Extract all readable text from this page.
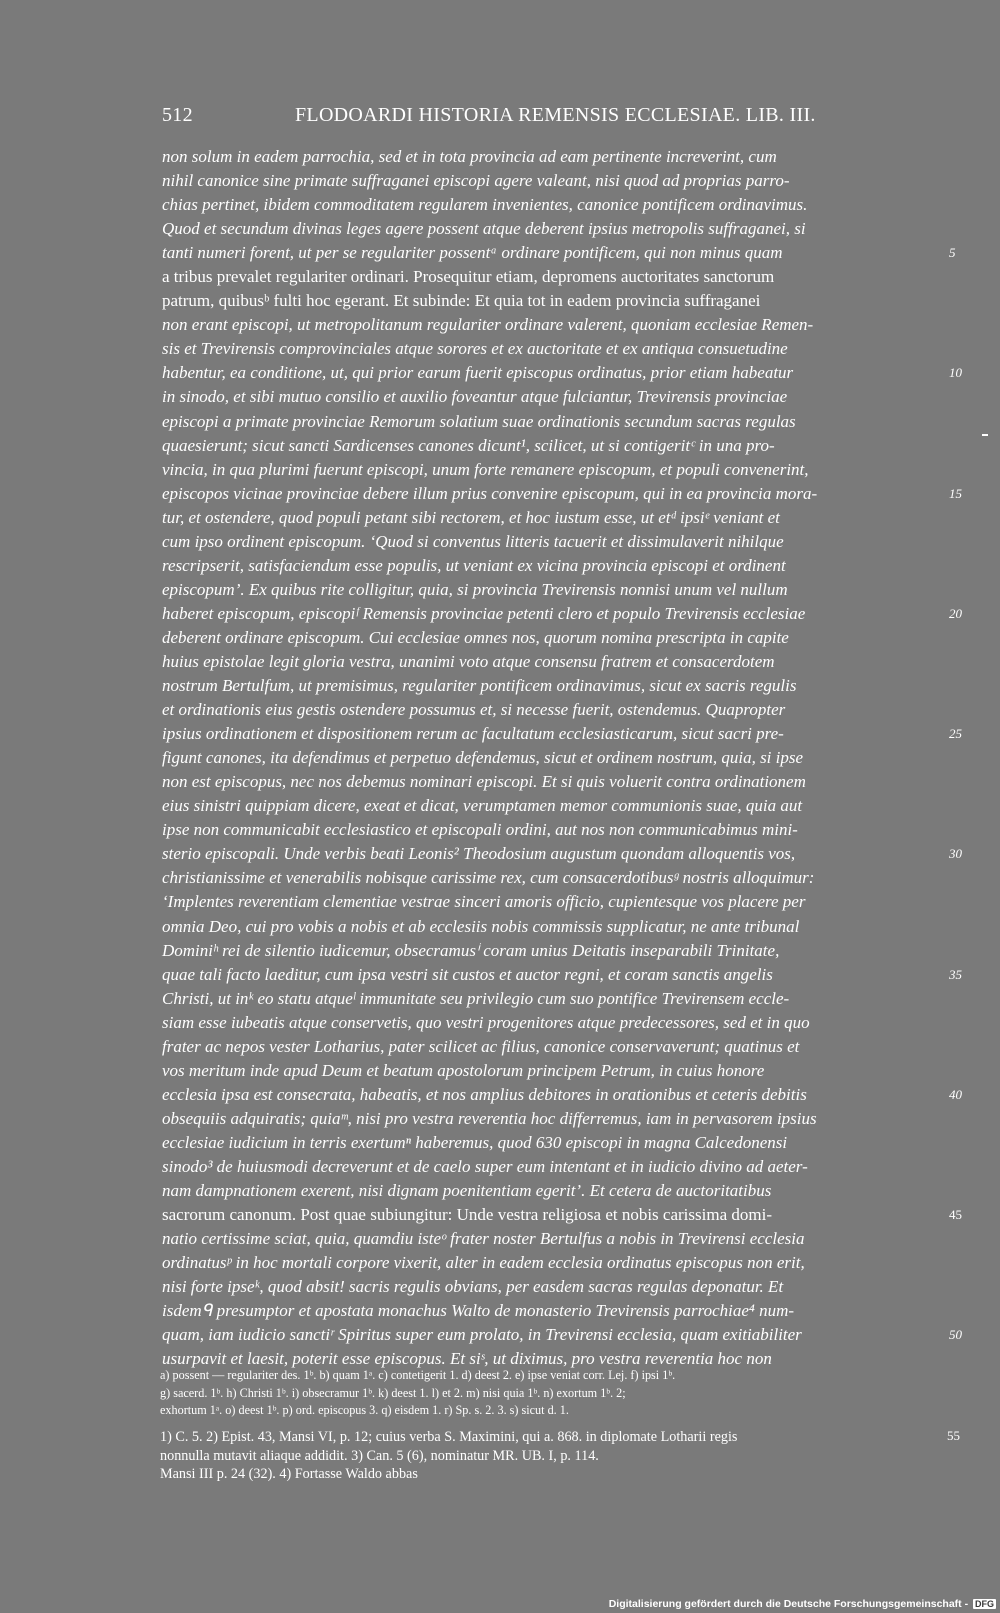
512	FLODOARDI HISTORIA REMENSIS ECCLESIAE. LIB. III.
non solum in eadem parrochia, sed et in tota provincia ad eam pertinente increverint, cum
nihil canonice sine primate suffraganei episcopi agere valeant, nisi quod ad proprias parro-
chias pertinet, ibidem commoditatem regularem invenientes, canonice pontificem ordinavimus.
Quod et secundum divinas leges agere possent atque deberent ipsius metropolis suffraganei, si
tanti numeri forent, ut per se regulariter possentᵃ ordinare pontificem, qui non minus quam	5
a tribus prevalet regulariter ordinari. Prosequitur etiam, depromens auctoritates sanctorum
patrum, quibusᵇ fulti hoc egerant. Et subinde: Et quia tot in eadem provincia suffraganei
non erant episcopi, ut metropolitanum regulariter ordinare valerent, quoniam ecclesiae Remen-
sis et Trevirensis comprovinciales atque sorores et ex auctoritate et ex antiqua consuetudine
habentur, ea conditione, ut, qui prior earum fuerit episcopus ordinatus, prior etiam habeatur	10
in sinodo, et sibi mutuo consilio et auxilio foveantur atque fulciantur, Trevirensis provinciae
episcopi a primate provinciae Remorum solatium suae ordinationis secundum sacras regulas
quaesierunt; sicut sancti Sardicenses canones dicunt¹, scilicet, ut si contigeritᶜ in una pro-
vincia, in qua plurimi fuerunt episcopi, unum forte remanere episcopum, et populi convenerint,
episcopos vicinae provinciae debere illum prius convenire episcopum, qui in ea provincia mora-	15
tur, et ostendere, quod populi petant sibi rectorem, et hoc iustum esse, ut etᵈ ipsiᵉ veniant et
cum ipso ordinent episcopum. ‘Quod si conventus litteris tacuerit et dissimulaverit nihilque
rescripserit, satisfaciendum esse populis, ut veniant ex vicina provincia episcopi et ordinent
episcopum’. Ex quibus rite colligitur, quia, si provincia Trevirensis nonnisi unum vel nullum
haberet episcopum, episcopiᶠ Remensis provinciae petenti clero et populo Trevirensis ecclesiae	20
deberent ordinare episcopum. Cui ecclesiae omnes nos, quorum nomina prescripta in capite
huius epistolae legit gloria vestra, unanimi voto atque consensu fratrem et consacerdotem
nostrum Bertulfum, ut premisimus, regulariter pontificem ordinavimus, sicut ex sacris regulis
et ordinationis eius gestis ostendere possumus et, si necesse fuerit, ostendemus. Quapropter
ipsius ordinationem et dispositionem rerum ac facultatum ecclesiasticarum, sicut sacri pre-	25
figunt canones, ita defendimus et perpetuo defendemus, sicut et ordinem nostrum, quia, si ipse
non est episcopus, nec nos debemus nominari episcopi. Et si quis voluerit contra ordinationem
eius sinistri quippiam dicere, exeat et dicat, verumptamen memor communionis suae, quia aut
ipse non communicabit ecclesiastico et episcopali ordini, aut nos non communicabimus mini-
sterio episcopali. Unde verbis beati Leonis² Theodosium augustum quondam alloquentis vos,	30
christianissime et venerabilis nobisque carissime rex, cum consacerdotibusᵍ nostris alloquimur:
‘Implentes reverentiam clementiae vestrae sinceri amoris officio, cupientesque vos placere per
omnia Deo, cui pro vobis a nobis et ab ecclesiis nobis commissis supplicatur, ne ante tribunal
Dominiʰ rei de silentio iudicemur, obsecramusⁱ coram unius Deitatis inseparabili Trinitate,
quae tali facto laeditur, cum ipsa vestri sit custos et auctor regni, et coram sanctis angelis	35
Christi, ut inᵏ eo statu atqueˡ immunitate seu privilegio cum suo pontifice Trevirensem eccle-
siam esse iubeatis atque conservetis, quo vestri progenitores atque predecessores, sed et in quo
frater ac nepos vester Lotharius, pater scilicet ac filius, canonice conservaverunt; quatinus et
vos meritum inde apud Deum et beatum apostolorum principem Petrum, in cuius honore
ecclesia ipsa est consecrata, habeatis, et nos amplius debitores in orationibus et ceteris debitis	40
obsequiis adquiratis; quiaᵐ, nisi pro vestra reverentia hoc differremus, iam in pervasorem ipsius
ecclesiae iudicium in terris exertumⁿ haberemus, quod 630 episcopi in magna Calcedonensi
sinodo³ de huiusmodi decreverunt et de caelo super eum intentant et in iudicio divino ad aeter-
nam dampnationem exerent, nisi dignam poenitentiam egerit’. Et cetera de auctoritatibus
sacrorum canonum. Post quae subiungitur: Unde vestra religiosa et nobis carissima domi-	45
natio certissime sciat, quia, quamdiu isteᵒ frater noster Bertulfus a nobis in Trevirensi ecclesia
ordinatusᵖ in hoc mortali corpore vixerit, alter in eadem ecclesia ordinatus episcopus non erit,
nisi forte ipseᵏ, quod absit! sacris regulis obvians, per easdem sacras regulas deponatur. Et
isdemᑫ presumptor et apostata monachus Walto de monasterio Trevirensis parrochiae⁴ num-
quam, iam iudicio sanctiʳ Spiritus super eum prolato, in Trevirensi ecclesia, quam exitiabiliter	50
usurpavit et laesit, poterit esse episcopus. Et siˢ, ut diximus, pro vestra reverentia hoc non
a) possent — regulariter des. 1ᵇ. b) quam 1ᵃ. c) contetigerit 1. d) deest 2. e) ipse veniat corr. Lej. f) ipsi 1ᵇ.
g) sacerd. 1ᵇ. h) Christi 1ᵇ. i) obsecramur 1ᵇ. k) deest 1. l) et 2. m) nisi quia 1ᵇ. n) exortum 1ᵇ. 2;
exhortum 1ᵃ. o) deest 1ᵇ. p) ord. episcopus 3. q) eisdem 1. r) Sp. s. 2. 3. s) sicut d. 1.
1) C. 5. 2) Epist. 43, Mansi VI, p. 12; cuius verba S. Maximini, qui a. 868. in diplomate Lotharii regis
nonnulla mutavit aliaque addidit. 3) Can. 5 (6), nominatur MR. UB. I, p. 114.
Mansi III p. 24 (32). 4) Fortasse Waldo abbas
55
Digitalisierung gefördert durch die Deutsche Forschungsgemeinschaft - DFG
